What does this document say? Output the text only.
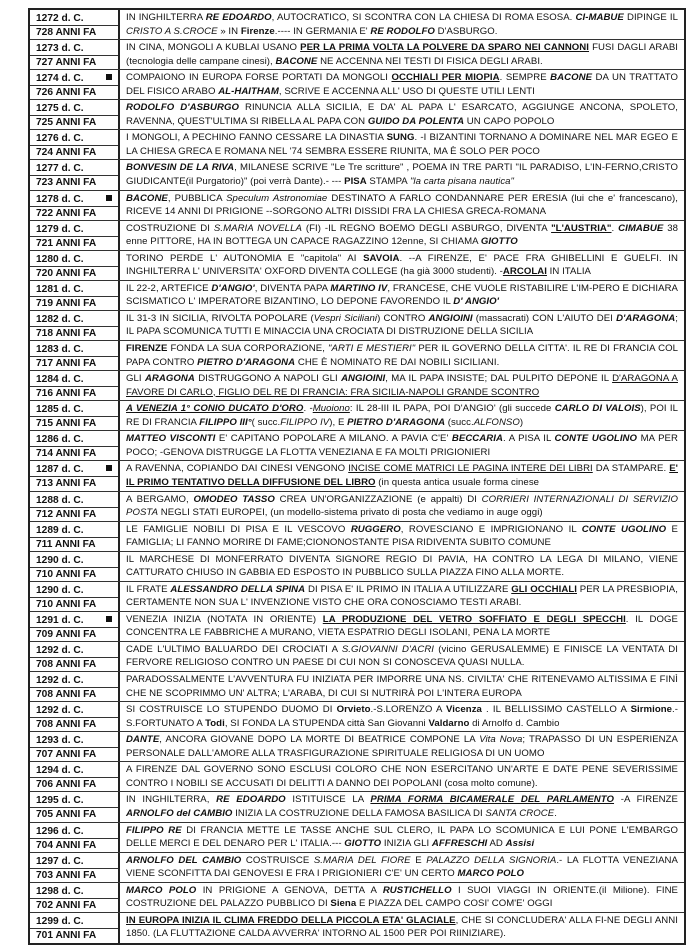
1272 d. C.
728 ANNI FA
IN INGHILTERRA RE EDOARDO, AUTOCRATICO, SI SCONTRA CON LA CHIESA DI ROMA ESOSA. CI-MABUE DIPINGE IL CRISTO A S.CROCE » IN Firenze.---- IN GERMANIA E' RE RODOLFO D'ASBURGO.
1273 d. C.
727 ANNI FA
IN CINA, MONGOLI A KUBLAI USANO PER LA PRIMA VOLTA LA POLVERE DA SPARO NEI CANNONI FUSI DAGLI ARABI (tecnologia delle campane cinesi), BACONE NE ACCENNA NEI TESTI DI FISICA DEGLI ARABI.
1274 d. C.
726 ANNI FA
COMPAIONO IN EUROPA FORSE PORTATI DA MONGOLI OCCHIALI PER MIOPIA. SEMPRE BACONE DA UN TRATTATO DEL FISICO ARABO AL-HAITHAM, SCRIVE E ACCENNA ALL' USO DI QUESTE UTILI LENTI
1275 d. C.
725 ANNI FA
RODOLFO D'ASBURGO RINUNCIA ALLA SICILIA, E DA' AL PAPA L' ESARCATO, AGGIUNGE ANCONA, SPOLETO, RAVENNA, QUEST'ULTIMA SI RIBELLA AL PAPA CON GUIDO DA POLENTA UN CAPO POPOLO
1276 d. C.
724 ANNI FA
I MONGOLI, A PECHINO FANNO CESSARE LA DINASTIA SUNG. -I BIZANTINI TORNANO A DOMINARE NEL MAR EGEO E LA CHIESA GRECA E ROMANA NEL '74 SEMBRA ESSERE RIUNITA, MA È SOLO PER POCO
1277 d. C.
723 ANNI FA
BONVESIN DE LA RIVA, MILANESE SCRIVE "Le Tre scritture" , POEMA IN TRE PARTI "IL PARADISO, L'IN-FERNO,CRISTO GIUDICANTE(il Purgatorio)" (poi verrà Dante).- --- PISA STAMPA "la carta pisana nautica"
1278 d. C.
722 ANNI FA
BACONE, PUBBLICA Speculum Astronomiae DESTINATO A FARLO CONDANNARE PER ERESIA (lui che e' francescano), RICEVE 14 ANNI DI PRIGIONE --SORGONO ALTRI DISSIDI FRA LA CHIESA GRECA-ROMANA
1279 d. C.
721 ANNI FA
COSTRUZIONE DI S.MARIA NOVELLA (FI) -IL REGNO BOEMO DEGLI ASBURGO, DIVENTA "L'AUSTRIA". CIMABUE 38 enne PITTORE, HA IN BOTTEGA UN CAPACE RAGAZZINO 12enne, SI CHIAMA GIOTTO
1280 d. C.
720 ANNI FA
TORINO PERDE L' AUTONOMIA E "capitola" AI SAVOIA. --A FIRENZE, E' PACE FRA GHIBELLINI E GUELFI. IN INGHILTERRA L' UNIVERSITA' OXFORD DIVENTA COLLEGE (ha già 3000 studenti). -ARCOLAI IN ITALIA
1281 d. C.
719 ANNI FA
IL 22-2, ARTEFICE D'ANGIO', DIVENTA PAPA MARTINO IV, FRANCESE, CHE VUOLE RISTABILIRE L'IM-PERO E DICHIARA SCISMATICO L' IMPERATORE BIZANTINO, LO DEPONE FAVORENDO IL D' ANGIO'
1282 d. C.
718 ANNI FA
IL 31-3 IN SICILIA, RIVOLTA POPOLARE (Vespri Siciliani) CONTRO ANGIOINI (massacrati) CON L'AIUTO DEI D'ARAGONA; IL PAPA SCOMUNICA TUTTI E MINACCIA UNA CROCIATA DI DISTRUZIONE DELLA SICILIA
1283 d. C.
717 ANNI FA
FIRENZE FONDA LA SUA CORPORAZIONE, "ARTI E MESTIERI" PER IL GOVERNO DELLA CITTA'. IL RE DI FRANCIA COL PAPA CONTRO PIETRO D'ARAGONA CHE È NOMINATO RE DAI NOBILI SICILIANI.
1284 d. C.
716 ANNI FA
GLI ARAGONA DISTRUGGONO A NAPOLI GLI ANGIOINI, MA IL PAPA INSISTE; DAL PULPITO DEPONE IL D'ARAGONA A FAVORE DI CARLO, FIGLIO DEL RE DI FRANCIA: FRA SICILIA-NAPOLI GRANDE SCONTRO
1285 d. C.
715 ANNI FA
A VENEZIA 1° CONIO DUCATO D'ORO. -Muoiono: IL 28-III IL PAPA, POI D'ANGIO' (gli succede CARLO DI VALOIS), POI IL RE DI FRANCIA FILIPPO III°( succ.FILIPPO IV), E PIETRO D'ARAGONA (succ.ALFONSO)
1286 d. C.
714 ANNI FA
MATTEO VISCONTI E' CAPITANO POPOLARE A MILANO. A PAVIA C'E' BECCARIA. A PISA IL CONTE UGOLINO MA PER POCO; -GENOVA DISTRUGGE LA FLOTTA VENEZIANA E FA MOLTI PRIGIONIERI
1287 d. C.
713 ANNI FA
A RAVENNA, COPIANDO DAI CINESI VENGONO INCISE COME MATRICI LE PAGINA INTERE DEI LIBRI DA STAMPARE. E' IL PRIMO TENTATIVO DELLA DIFFUSIONE DEL LIBRO (in questa antica usuale forma cinese
1288 d. C.
712 ANNI FA
A BERGAMO, OMODEO TASSO CREA UN'ORGANIZZAZIONE (e appalti) DI CORRIERI INTERNAZIONALI DI SERVIZIO POSTA NEGLI STATI EUROPEI, (un modello-sistema privato di posta che vediamo in auge oggi)
1289 d. C.
711 ANNI FA
LE FAMIGLIE NOBILI DI PISA E IL VESCOVO RUGGERO, ROVESCIANO E IMPRIGIONANO IL CONTE UGOLINO E FAMIGLIA; LI FANNO MORIRE DI FAME;CIONONOSTANTE PISA RIDIVENTA SUBITO COMUNE
1290 d. C.
710 ANNI FA
IL MARCHESE DI MONFERRATO DIVENTA SIGNORE REGIO DI PAVIA, HA CONTRO LA LEGA DI MILANO, VIENE CATTURATO CHIUSO IN GABBIA ED ESPOSTO IN PUBBLICO SULLA PIAZZA FINO ALLA MORTE.
1290 d. C.
710 ANNI FA
IL FRATE ALESSANDRO DELLA SPINA DI PISA E' IL PRIMO IN ITALIA A UTILIZZARE GLI OCCHIALI PER LA PRESBIOPIA, CERTAMENTE NON SUA L' INVENZIONE VISTO CHE ORA CONOSCIAMO TESTI ARABI.
1291 d. C.
709 ANNI FA
VENEZIA INIZIA (NOTATA IN ORIENTE) LA PRODUZIONE DEL VETRO SOFFIATO E DEGLI SPECCHI. IL DOGE CONCENTRA LE FABBRICHE A MURANO, VIETA ESPATRIO DEGLI ISOLANI, PENA LA MORTE
1292 d. C.
708 ANNI FA
CADE L'ULTIMO BALUARDO DEI CROCIATI A S.GIOVANNI D'ACRI (vicino GERUSALEMME) E FINISCE LA VENTATA DI FERVORE RELIGIOSO CONTRO UN PAESE DI CUI NON SI CONOSCEVA QUASI NULLA.
1292 d. C.
708 ANNI FA
PARADOSSALMENTE L'AVVENTURA FU INIZIATA PER IMPORRE UNA NS. CIVILTA' CHE RITENEVAMO ALTISSIMA E FINÌ CHE NE SCOPRIMMO UN' ALTRA; L'ARABA, DI CUI SI NUTRIRÀ POI L'INTERA EUROPA
1292 d. C.
708 ANNI FA
SI COSTRUISCE LO STUPENDO DUOMO DI Orvieto.-S.LORENZO A Vicenza . IL BELLISSIMO CASTELLO A Sirmione.-S.FORTUNATO A Todi, SI FONDA LA STUPENDA città San Giovanni Valdarno di Arnolfo d. Cambio
1293 d. C.
707 ANNI FA
DANTE, ANCORA GIOVANE DOPO LA MORTE DI BEATRICE COMPONE LA Vita Nova; TRAPASSO DI UN ESPERIENZA PERSONALE DALL'AMORE ALLA TRASFIGURAZIONE SPIRITUALE RELIGIOSA DI UN UOMO
1294 d. C.
706 ANNI FA
A FIRENZE DAL GOVERNO SONO ESCLUSI COLORO CHE NON ESERCITANO UN'ARTE E DATE PENE SEVERISSIME CONTRO I NOBILI SE ACCUSATI DI DELITTI A DANNO DEI POPOLANI (cosa molto comune).
1295 d. C.
705 ANNI FA
IN INGHILTERRA, RE EDOARDO ISTITUISCE LA PRIMA FORMA BICAMERALE DEL PARLAMENTO -A FIRENZE ARNOLFO del CAMBIO INIZIA LA COSTRUZIONE DELLA FAMOSA BASILICA DI SANTA CROCE.
1296 d. C.
704 ANNI FA
FILIPPO RE DI FRANCIA METTE LE TASSE ANCHE SUL CLERO, IL PAPA LO SCOMUNICA E LUI PONE L'EMBARGO DELLE MERCI E DEL DENARO PER L' ITALIA.--- GIOTTO INIZIA GLI AFFRESCHI AD Assisi
1297 d. C.
703 ANNI FA
ARNOLFO DEL CAMBIO COSTRUISCE S.MARIA DEL FIORE E PALAZZO DELLA SIGNORIA.- LA FLOTTA VENEZIANA VIENE SCONFITTA DAI GENOVESI E FRA I PRIGIONIERI C'E' UN CERTO MARCO POLO
1298 d. C.
702 ANNI FA
MARCO POLO IN PRIGIONE A GENOVA, DETTA A RUSTICHELLO I SUOI VIAGGI IN ORIENTE.(il Milione). FINE COSTRUZIONE DEL PALAZZO PUBBLICO DI Siena E PIAZZA DEL CAMPO COSI' COM'E' OGGI
1299 d. C.
701 ANNI FA
IN EUROPA INIZIA IL CLIMA FREDDO DELLA PICCOLA ETA' GLACIALE, CHE SI CONCLUDERA' ALLA FI-NE DEGLI ANNI 1850. (LA FLUTTAZIONE CALDA AVVERRA' INTORNO AL 1500 PER POI RIINIZIARE).
